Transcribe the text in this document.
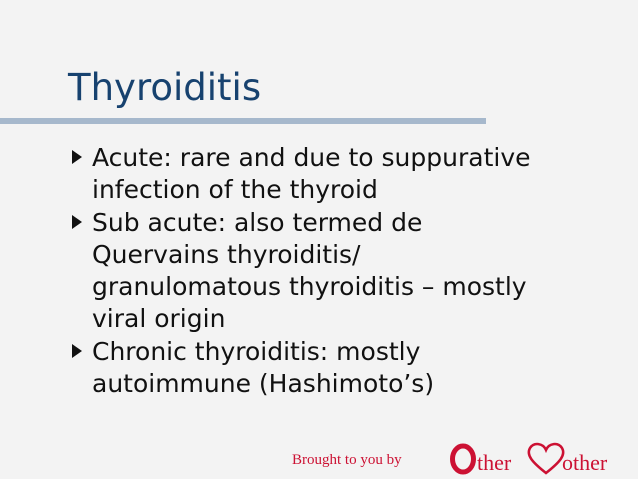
Thyroiditis
Acute: rare and due to suppurative
infection of the thyroid
Sub acute: also termed de
Quervains thyroiditis/
granulomatous thyroiditis – mostly
viral origin
Chronic thyroiditis: mostly
autoimmune (Hashimoto’s)
Brought to you by	ther other
